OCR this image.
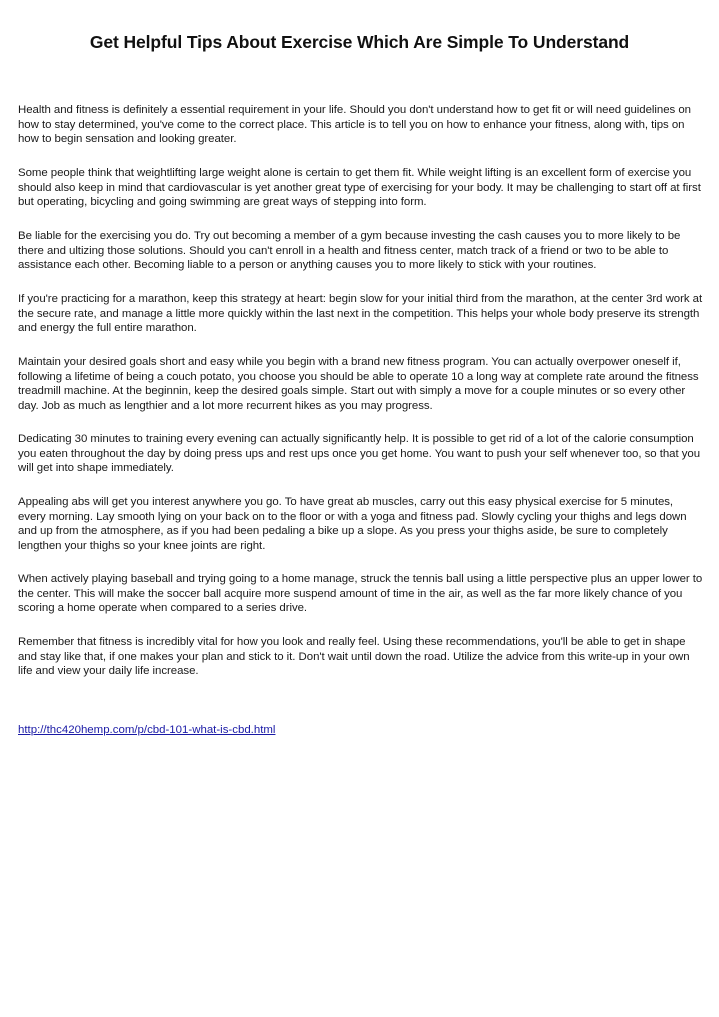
Get Helpful Tips About Exercise Which Are Simple To Understand

Health and fitness is definitely a essential requirement in your life. Should you don't understand how to get fit or will need guidelines on how to stay determined, you've come to the correct place. This article is to tell you on how to enhance your fitness, along with, tips on how to begin sensation and looking greater.

Some people think that weightlifting large weight alone is certain to get them fit. While weight lifting is an excellent form of exercise you should also keep in mind that cardiovascular is yet another great type of exercising for your body. It may be challenging to start off at first but operating, bicycling and going swimming are great ways of stepping into form.

Be liable for the exercising you do. Try out becoming a member of a gym because investing the cash causes you to more likely to be there and ultizing those solutions. Should you can't enroll in a health and fitness center, match track of a friend or two to be able to assistance each other. Becoming liable to a person or anything causes you to more likely to stick with your routines.

If you're practicing for a marathon, keep this strategy at heart: begin slow for your initial third from the marathon, at the center 3rd work at the secure rate, and manage a little more quickly within the last next in the competition. This helps your whole body preserve its strength and energy the full entire marathon.

Maintain your desired goals short and easy while you begin with a brand new fitness program. You can actually overpower oneself if, following a lifetime of being a couch potato, you choose you should be able to operate 10 a long way at complete rate around the fitness treadmill machine. At the beginnin, keep the desired goals simple. Start out with simply a move for a couple minutes or so every other day. Job as much as lengthier and a lot more recurrent hikes as you may progress.

Dedicating 30 minutes to training every evening can actually significantly help. It is possible to get rid of a lot of the calorie consumption you eaten throughout the day by doing press ups and rest ups once you get home. You want to push your self whenever too, so that you will get into shape immediately.

Appealing abs will get you interest anywhere you go. To have great ab muscles, carry out this easy physical exercise for 5 minutes, every morning. Lay smooth lying on your back on to the floor or with a yoga and fitness pad. Slowly cycling your thighs and legs down and up from the atmosphere, as if you had been pedaling a bike up a slope. As you press your thighs aside, be sure to completely lengthen your thighs so your knee joints are right.

When actively playing baseball and trying going to a home manage, struck the tennis ball using a little perspective plus an upper lower to the center. This will make the soccer ball acquire more suspend amount of time in the air, as well as the far more likely chance of you scoring a home operate when compared to a series drive.

Remember that fitness is incredibly vital for how you look and really feel. Using these recommendations, you'll be able to get in shape and stay like that, if one makes your plan and stick to it. Don't wait until down the road. Utilize the advice from this write-up in your own life and view your daily life increase.

http://thc420hemp.com/p/cbd-101-what-is-cbd.html
